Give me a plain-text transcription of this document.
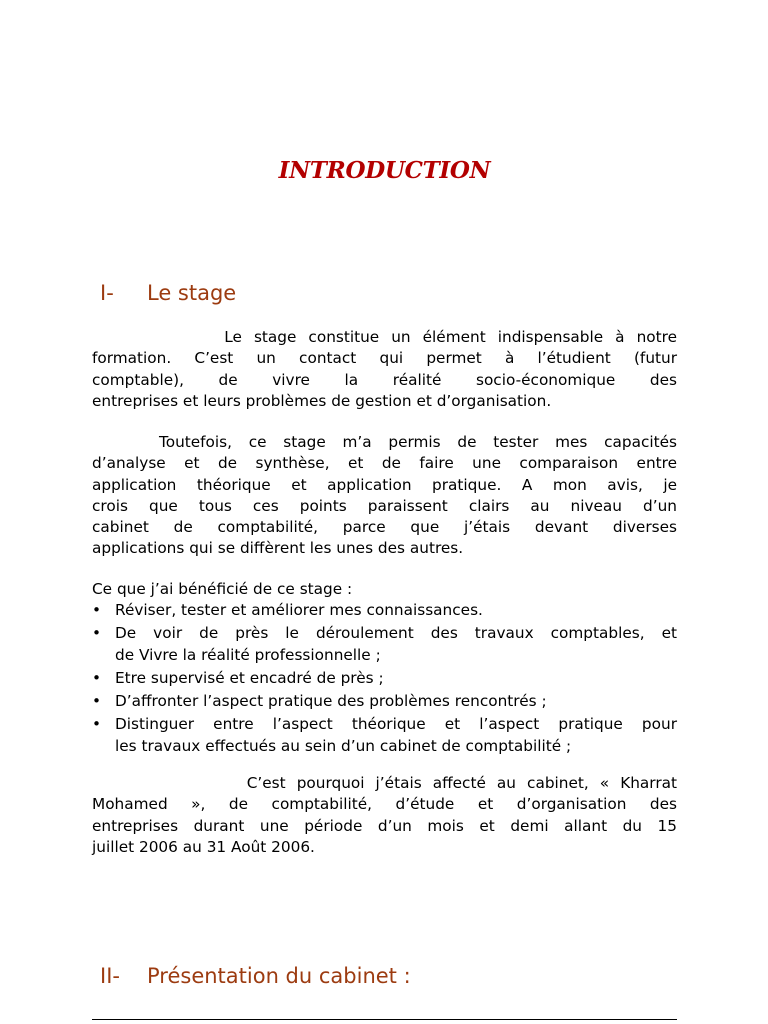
INTRODUCTION
I- Le stage
Le stage constitue un élément indispensable à notre
formation. C’est un contact qui permet à l’étudient (futur
comptable), de vivre la réalité socio-économique des
entreprises et leurs problèmes de gestion et d’organisation.
Toutefois, ce stage m’a permis de tester mes capacités
d’analyse et de synthèse, et de faire une comparaison entre
application théorique et application pratique. A mon avis, je
crois que tous ces points paraissent clairs au niveau d’un
cabinet de comptabilité, parce que j’étais devant diverses
applications qui se diffèrent les unes des autres.
Ce que j’ai bénéficié de ce stage :
• Réviser, tester et améliorer mes connaissances.
• De voir de près le déroulement des travaux comptables, et
de Vivre la réalité professionnelle ;
• Etre supervisé et encadré de près ;
• D’affronter l’aspect pratique des problèmes rencontrés ;
• Distinguer entre l’aspect théorique et l’aspect pratique pour
les travaux effectués au sein d’un cabinet de comptabilité ;
C’est pourquoi j’étais affecté au cabinet, « Kharrat
Mohamed », de comptabilité, d’étude et d’organisation des
entreprises durant une période d’un mois et demi allant du 15
juillet 2006 au 31 Août 2006.
II- Présentation du cabinet :
